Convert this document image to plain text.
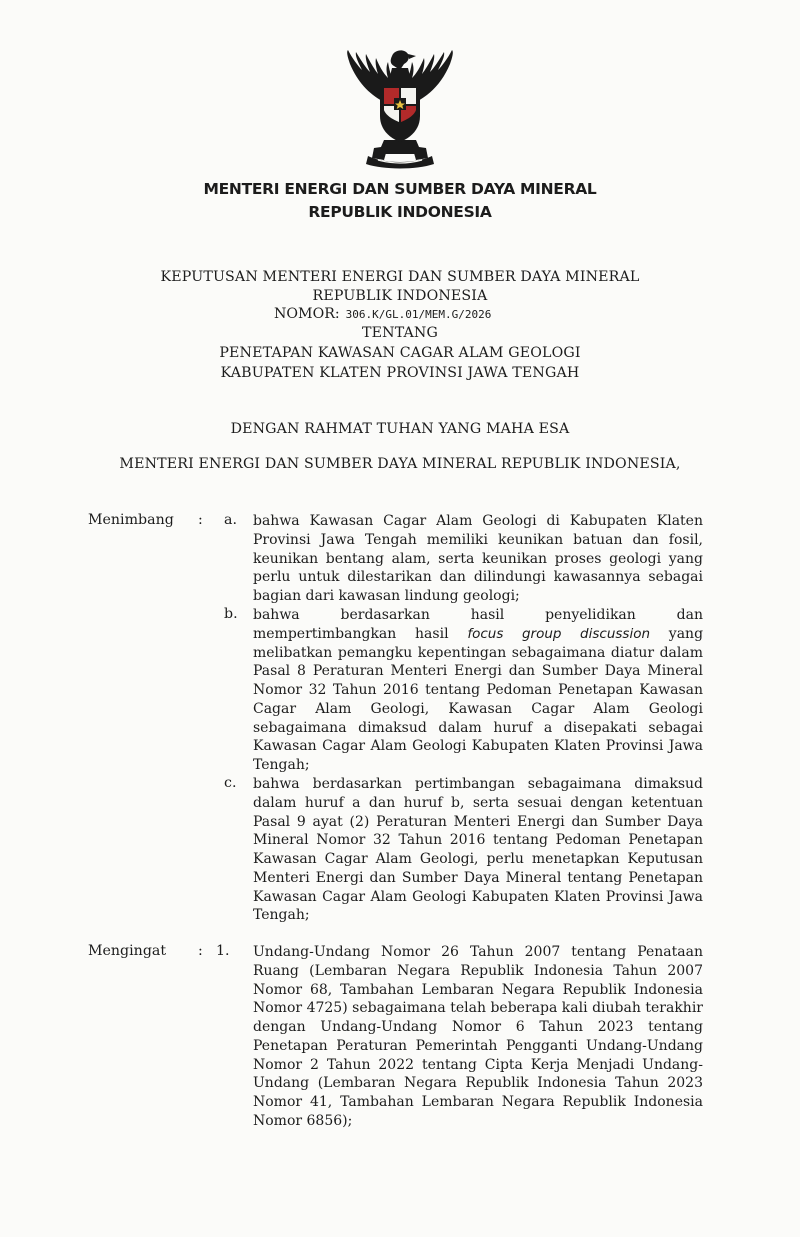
MENTERI ENERGI DAN SUMBER DAYA MINERAL
REPUBLIK INDONESIA
KEPUTUSAN MENTERI ENERGI DAN SUMBER DAYA MINERAL
REPUBLIK INDONESIA
NOMOR: 306.K/GL.01/MEM.G/2026
TENTANG
PENETAPAN KAWASAN CAGAR ALAM GEOLOGI
KABUPATEN KLATEN PROVINSI JAWA TENGAH
DENGAN RAHMAT TUHAN YANG MAHA ESA
MENTERI ENERGI DAN SUMBER DAYA MINERAL REPUBLIK INDONESIA,
Menimbang : a. bahwa Kawasan Cagar Alam Geologi di Kabupaten Klaten Provinsi Jawa Tengah memiliki keunikan batuan dan fosil, keunikan bentang alam, serta keunikan proses geologi yang perlu untuk dilestarikan dan dilindungi kawasannya sebagai bagian dari kawasan lindung geologi;
b. bahwa berdasarkan hasil penyelidikan dan mempertimbangkan hasil focus group discussion yang melibatkan pemangku kepentingan sebagaimana diatur dalam Pasal 8 Peraturan Menteri Energi dan Sumber Daya Mineral Nomor 32 Tahun 2016 tentang Pedoman Penetapan Kawasan Cagar Alam Geologi, Kawasan Cagar Alam Geologi sebagaimana dimaksud dalam huruf a disepakati sebagai Kawasan Cagar Alam Geologi Kabupaten Klaten Provinsi Jawa Tengah;
c. bahwa berdasarkan pertimbangan sebagaimana dimaksud dalam huruf a dan huruf b, serta sesuai dengan ketentuan Pasal 9 ayat (2) Peraturan Menteri Energi dan Sumber Daya Mineral Nomor 32 Tahun 2016 tentang Pedoman Penetapan Kawasan Cagar Alam Geologi, perlu menetapkan Keputusan Menteri Energi dan Sumber Daya Mineral tentang Penetapan Kawasan Cagar Alam Geologi Kabupaten Klaten Provinsi Jawa Tengah;
Mengingat : 1. Undang-Undang Nomor 26 Tahun 2007 tentang Penataan Ruang (Lembaran Negara Republik Indonesia Tahun 2007 Nomor 68, Tambahan Lembaran Negara Republik Indonesia Nomor 4725) sebagaimana telah beberapa kali diubah terakhir dengan Undang-Undang Nomor 6 Tahun 2023 tentang Penetapan Peraturan Pemerintah Pengganti Undang-Undang Nomor 2 Tahun 2022 tentang Cipta Kerja Menjadi Undang-Undang (Lembaran Negara Republik Indonesia Tahun 2023 Nomor 41, Tambahan Lembaran Negara Republik Indonesia Nomor 6856);
